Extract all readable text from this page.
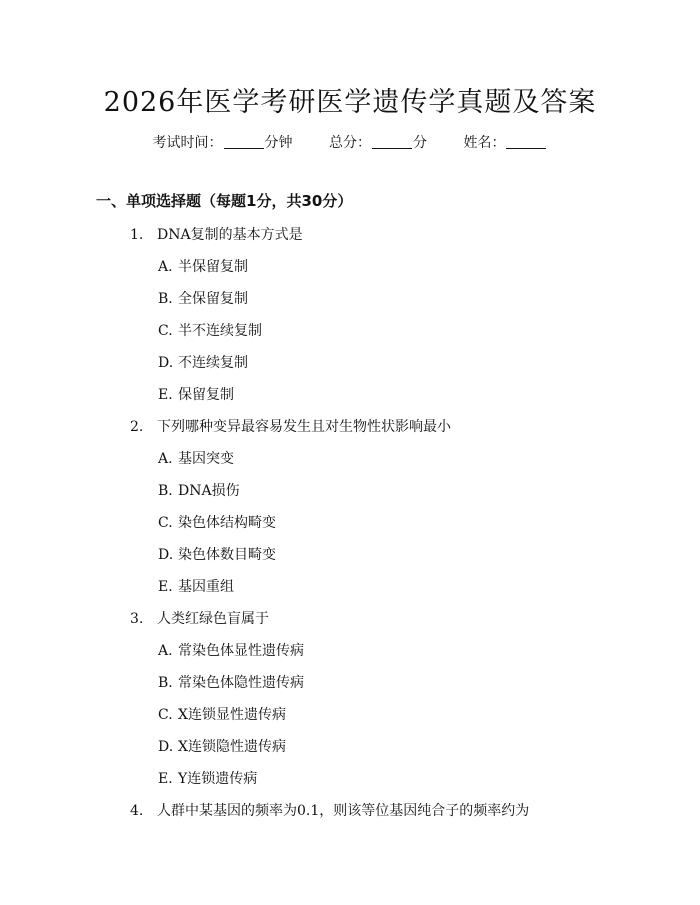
2026年医学考研医学遗传学真题及答案
考试时间：	分钟	总分：	分	姓名：
一、单项选择题（每题1分，共30分）
1. DNA复制的基本方式是
A. 半保留复制
B. 全保留复制
C. 半不连续复制
D. 不连续复制
E. 保留复制
2. 下列哪种变异最容易发生且对生物性状影响最小
A. 基因突变
B. DNA损伤
C. 染色体结构畸变
D. 染色体数目畸变
E. 基因重组
3. 人类红绿色盲属于
A. 常染色体显性遗传病
B. 常染色体隐性遗传病
C. X连锁显性遗传病
D. X连锁隐性遗传病
E. Y连锁遗传病
4. 人群中某基因的频率为0.1，则该等位基因纯合子的频率约为
